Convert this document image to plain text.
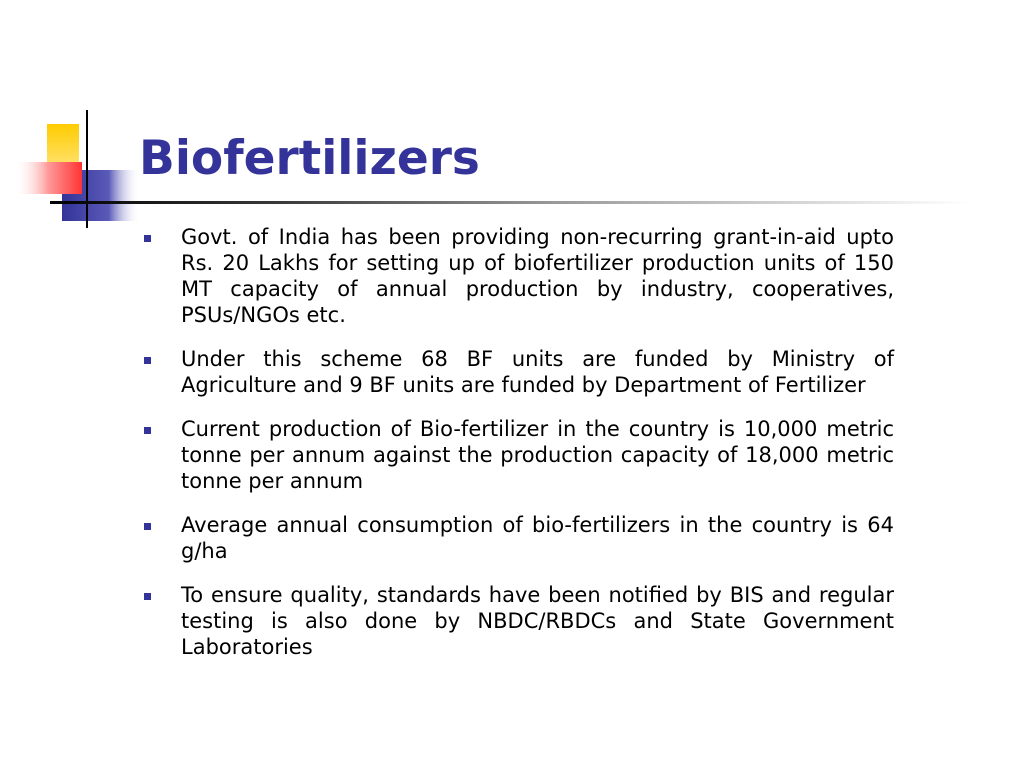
Biofertilizers
Govt. of India has been providing non-recurring grant-in-aid upto Rs. 20 Lakhs for setting up of biofertilizer production units of 150 MT capacity of annual production by industry, cooperatives, PSUs/NGOs etc.
Under this scheme 68 BF units are funded by Ministry of Agriculture and 9 BF units are funded by Department of Fertilizer
Current production of Bio-fertilizer in the country is 10,000 metric tonne per annum against the production capacity of 18,000 metric tonne per annum
Average annual consumption of bio-fertilizers in the country is 64 g/ha
To ensure quality, standards have been notified by BIS and regular testing is also done by NBDC/RBDCs and State Government Laboratories
